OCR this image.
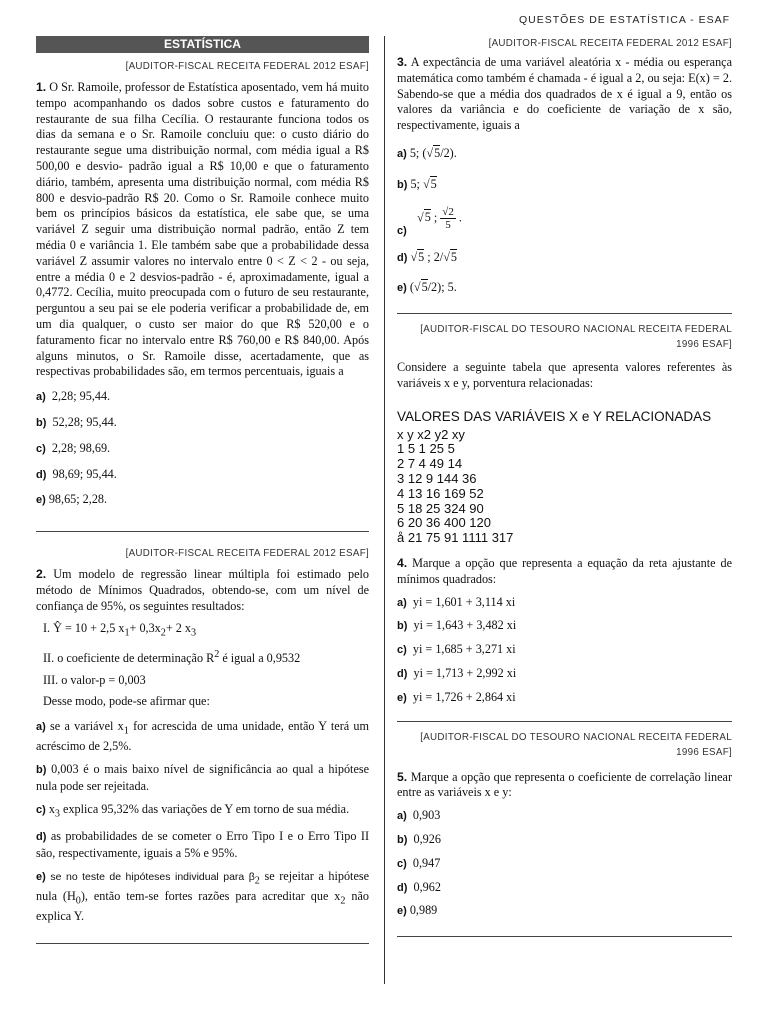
QUESTÕES DE ESTATÍSTICA - ESAF
ESTATÍSTICA
[AUDITOR-FISCAL RECEITA FEDERAL 2012 ESAF]
1. O Sr. Ramoile, professor de Estatística aposentado, vem há muito tempo acompanhando os dados sobre custos e faturamento do restaurante de sua filha Cecília. O restaurante funciona todos os dias da semana e o Sr. Ramoile concluiu que: o custo diário do restaurante segue uma distribuição normal, com média igual a R$ 500,00 e desvio- padrão igual a R$ 10,00 e que o faturamento diário, também, apresenta uma distribuição normal, com média R$ 800 e desvio-padrão R$ 20. Como o Sr. Ramoile conhece muito bem os princípios básicos da estatística, ele sabe que, se uma variável Z seguir uma distribuição normal padrão, então Z tem média 0 e variância 1. Ele também sabe que a probabilidade dessa variável Z assumir valores no intervalo entre 0 < Z < 2 - ou seja, entre a média 0 e 2 desvios-padrão - é, aproximadamente, igual a 0,4772. Cecília, muito preocupada com o futuro de seu restaurante, perguntou a seu pai se ele poderia verificar a probabilidade de, em um dia qualquer, o custo ser maior do que R$ 520,00 e o faturamento ficar no intervalo entre R$ 760,00 e R$ 840,00. Após alguns minutos, o Sr. Ramoile disse, acertadamente, que as respectivas probabilidades são, em termos percentuais, iguais a
a) 2,28; 95,44.
b) 52,28; 95,44.
c) 2,28; 98,69.
d) 98,69; 95,44.
e) 98,65; 2,28.
[AUDITOR-FISCAL RECEITA FEDERAL 2012 ESAF]
2. Um modelo de regressão linear múltipla foi estimado pelo método de Mínimos Quadrados, obtendo-se, com um nível de confiança de 95%, os seguintes resultados:
I. Ŷ = 10 + 2,5 $x_1+ 0,3x_2+ 2$ $x_3$
II. o coeficiente de determinação $R^2$ é igual a 0,9532
III. o valor-p = 0,003
Desse modo, pode-se afirmar que:
a) se a variável $x_1$ for acrescida de uma unidade, então Y terá um acréscimo de 2,5%.
b) 0,003 é o mais baixo nível de significância ao qual a hipótese nula pode ser rejeitada.
c) $x_3$ explica 95,32% das variações de Y em torno de sua média.
d) as probabilidades de se cometer o Erro Tipo I e o Erro Tipo II são, respectivamente, iguais a 5% e 95%.
e) se no teste de hipóteses individual para $\beta_2$ se rejeitar a hipótese nula $(H_0)$, então tem-se fortes razões para acreditar que $x_2$ não explica Y.
[AUDITOR-FISCAL RECEITA FEDERAL 2012 ESAF]
3. A expectância de uma variável aleatória x - média ou esperança matemática como também é chamada - é igual a 2, ou seja: E(x) = 2. Sabendo-se que a média dos quadrados de x é igual a 9, então os valores da variância e do coeficiente de variação de x são, respectivamente, iguais a
a) 5; (√5/2).
b) 5; √5
c)
√5 ; $\frac{√2}{5}$ .
d) √5 ; 2/√5
e) (√5/2); 5.
[AUDITOR-FISCAL DO TESOURO NACIONAL RECEITA FEDERAL 1996 ESAF]
Considere a seguinte tabela que apresenta valores referentes às variáveis x e y, porventura relacionadas:
VALORES DAS VARIÁVEIS X e Y RELACIONADAS
x y x2 y2 xy
1 5 1 25 5
2 7 4 49 14
3 12 9 144 36
4 13 16 169 52
5 18 25 324 90
6 20 36 400 120
å 21 75 91 1111 317
4. Marque a opção que representa a equação da reta ajustante de mínimos quadrados:
a) yi = 1,601 + 3,114 xi
b) yi = 1,643 + 3,482 xi
c) yi = 1,685 + 3,271 xi
d) yi = 1,713 + 2,992 xi
e) yi = 1,726 + 2,864 xi
[AUDITOR-FISCAL DO TESOURO NACIONAL RECEITA FEDERAL 1996 ESAF]
5. Marque a opção que representa o coeficiente de correlação linear entre as variáveis x e y:
a) 0,903
b) 0,926
c) 0,947
d) 0,962
e) 0,989
